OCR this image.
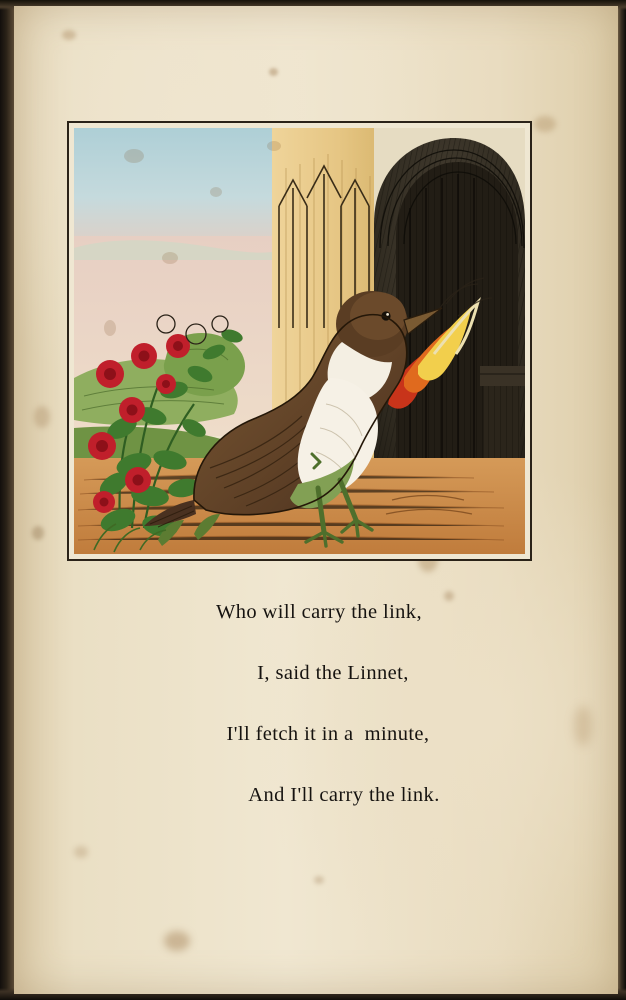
Who will carry the link,

I, said the Linnet,

I'll fetch it in a  minute,

And I'll carry the link.
